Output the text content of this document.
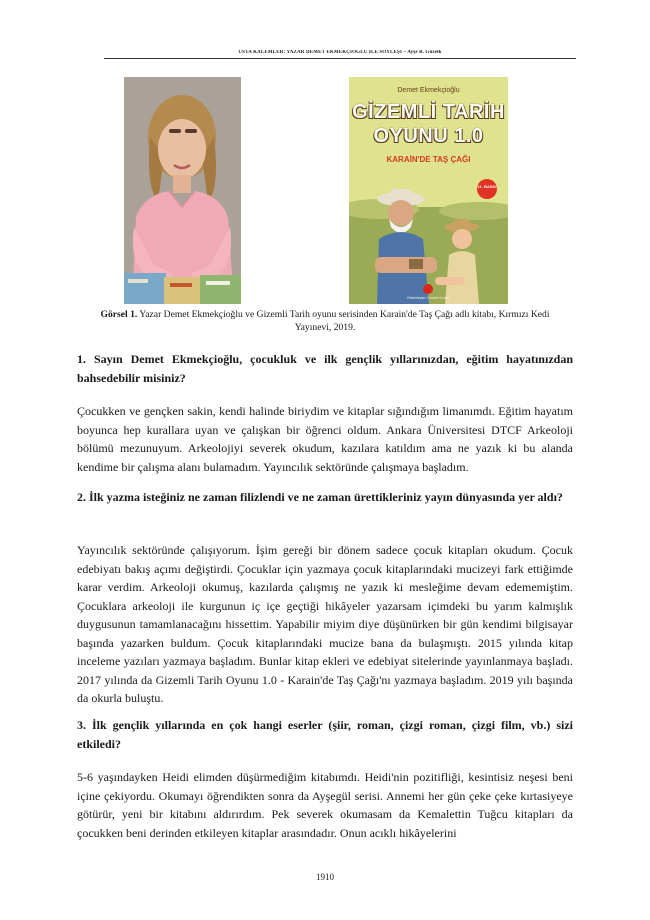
USTA KALEMLER: YAZAR DEMET EKMEKÇİOĞLU İLE SÖYLEŞİ – Ayşe B. Güzelk
Demet Ekmekçioğlu
GİZEMLİ TARİH
OYUNU 1.0
KARAİN'DE TAŞ ÇAĞI
11. BASKI
Resimleyen: Devrim Kunter
Görsel 1. Yazar Demet Ekmekçioğlu ve Gizemli Tarih oyunu serisinden Karain'de Taş Çağı adlı kitabı, Kırmızı Kedi Yayınevi, 2019.

1. Sayın Demet Ekmekçioğlu, çocukluk ve ilk gençlik yıllarınızdan, eğitim hayatınızdan bahsedebilir misiniz?

Çocukken ve gençken sakin, kendi halinde biriydim ve kitaplar sığındığım limanımdı. Eğitim hayatım boyunca hep kurallara uyan ve çalışkan bir öğrenci oldum. Ankara Üniversitesi DTCF Arkeoloji bölümü mezunuyum. Arkeolojiyi severek okudum, kazılara katıldım ama ne yazık ki bu alanda kendime bir çalışma alanı bulamadım. Yayıncılık sektöründe çalışmaya başladım.

2. İlk yazma isteğiniz ne zaman filizlendi ve ne zaman ürettikleriniz yayın dünyasında yer aldı?

Yayıncılık sektöründe çalışıyorum. İşim gereği bir dönem sadece çocuk kitapları okudum. Çocuk edebiyatı bakış açımı değiştirdi. Çocuklar için yazmaya çocuk kitaplarındaki mucizeyi fark ettiğimde karar verdim. Arkeoloji okumuş, kazılarda çalışmış ne yazık ki mesleğime devam edememiştim. Çocuklara arkeoloji ile kurgunun iç içe geçtiği hikâyeler yazarsam içimdeki bu yarım kalmışlık duygusunun tamamlanacağını hissettim. Yapabilir miyim diye düşünürken bir gün kendimi bilgisayar başında yazarken buldum. Çocuk kitaplarındaki mucize bana da bulaşmıştı. 2015 yılında kitap inceleme yazıları yazmaya başladım. Bunlar kitap ekleri ve edebiyat sitelerinde yayınlanmaya başladı. 2017 yılında da Gizemli Tarih Oyunu 1.0 - Karain'de Taş Çağı'nı yazmaya başladım. 2019 yılı başında da okurla buluştu.

3. İlk gençlik yıllarında en çok hangi eserler (şiir, roman, çizgi roman, çizgi film, vb.) sizi etkiledi?

5-6 yaşındayken Heidi elimden düşürmediğim kitabımdı. Heidi'nin pozitifliği, kesintisiz neşesi beni içine çekiyordu. Okumayı öğrendikten sonra da Ayşegül serisi. Annemi her gün çeke çeke kırtasiyeye götürür, yeni bir kitabını aldırırdım. Pek severek okumasam da Kemalettin Tuğcu kitapları da çocukken beni derinden etkileyen kitaplar arasındadır. Onun acıklı hikâyelerini

1910
